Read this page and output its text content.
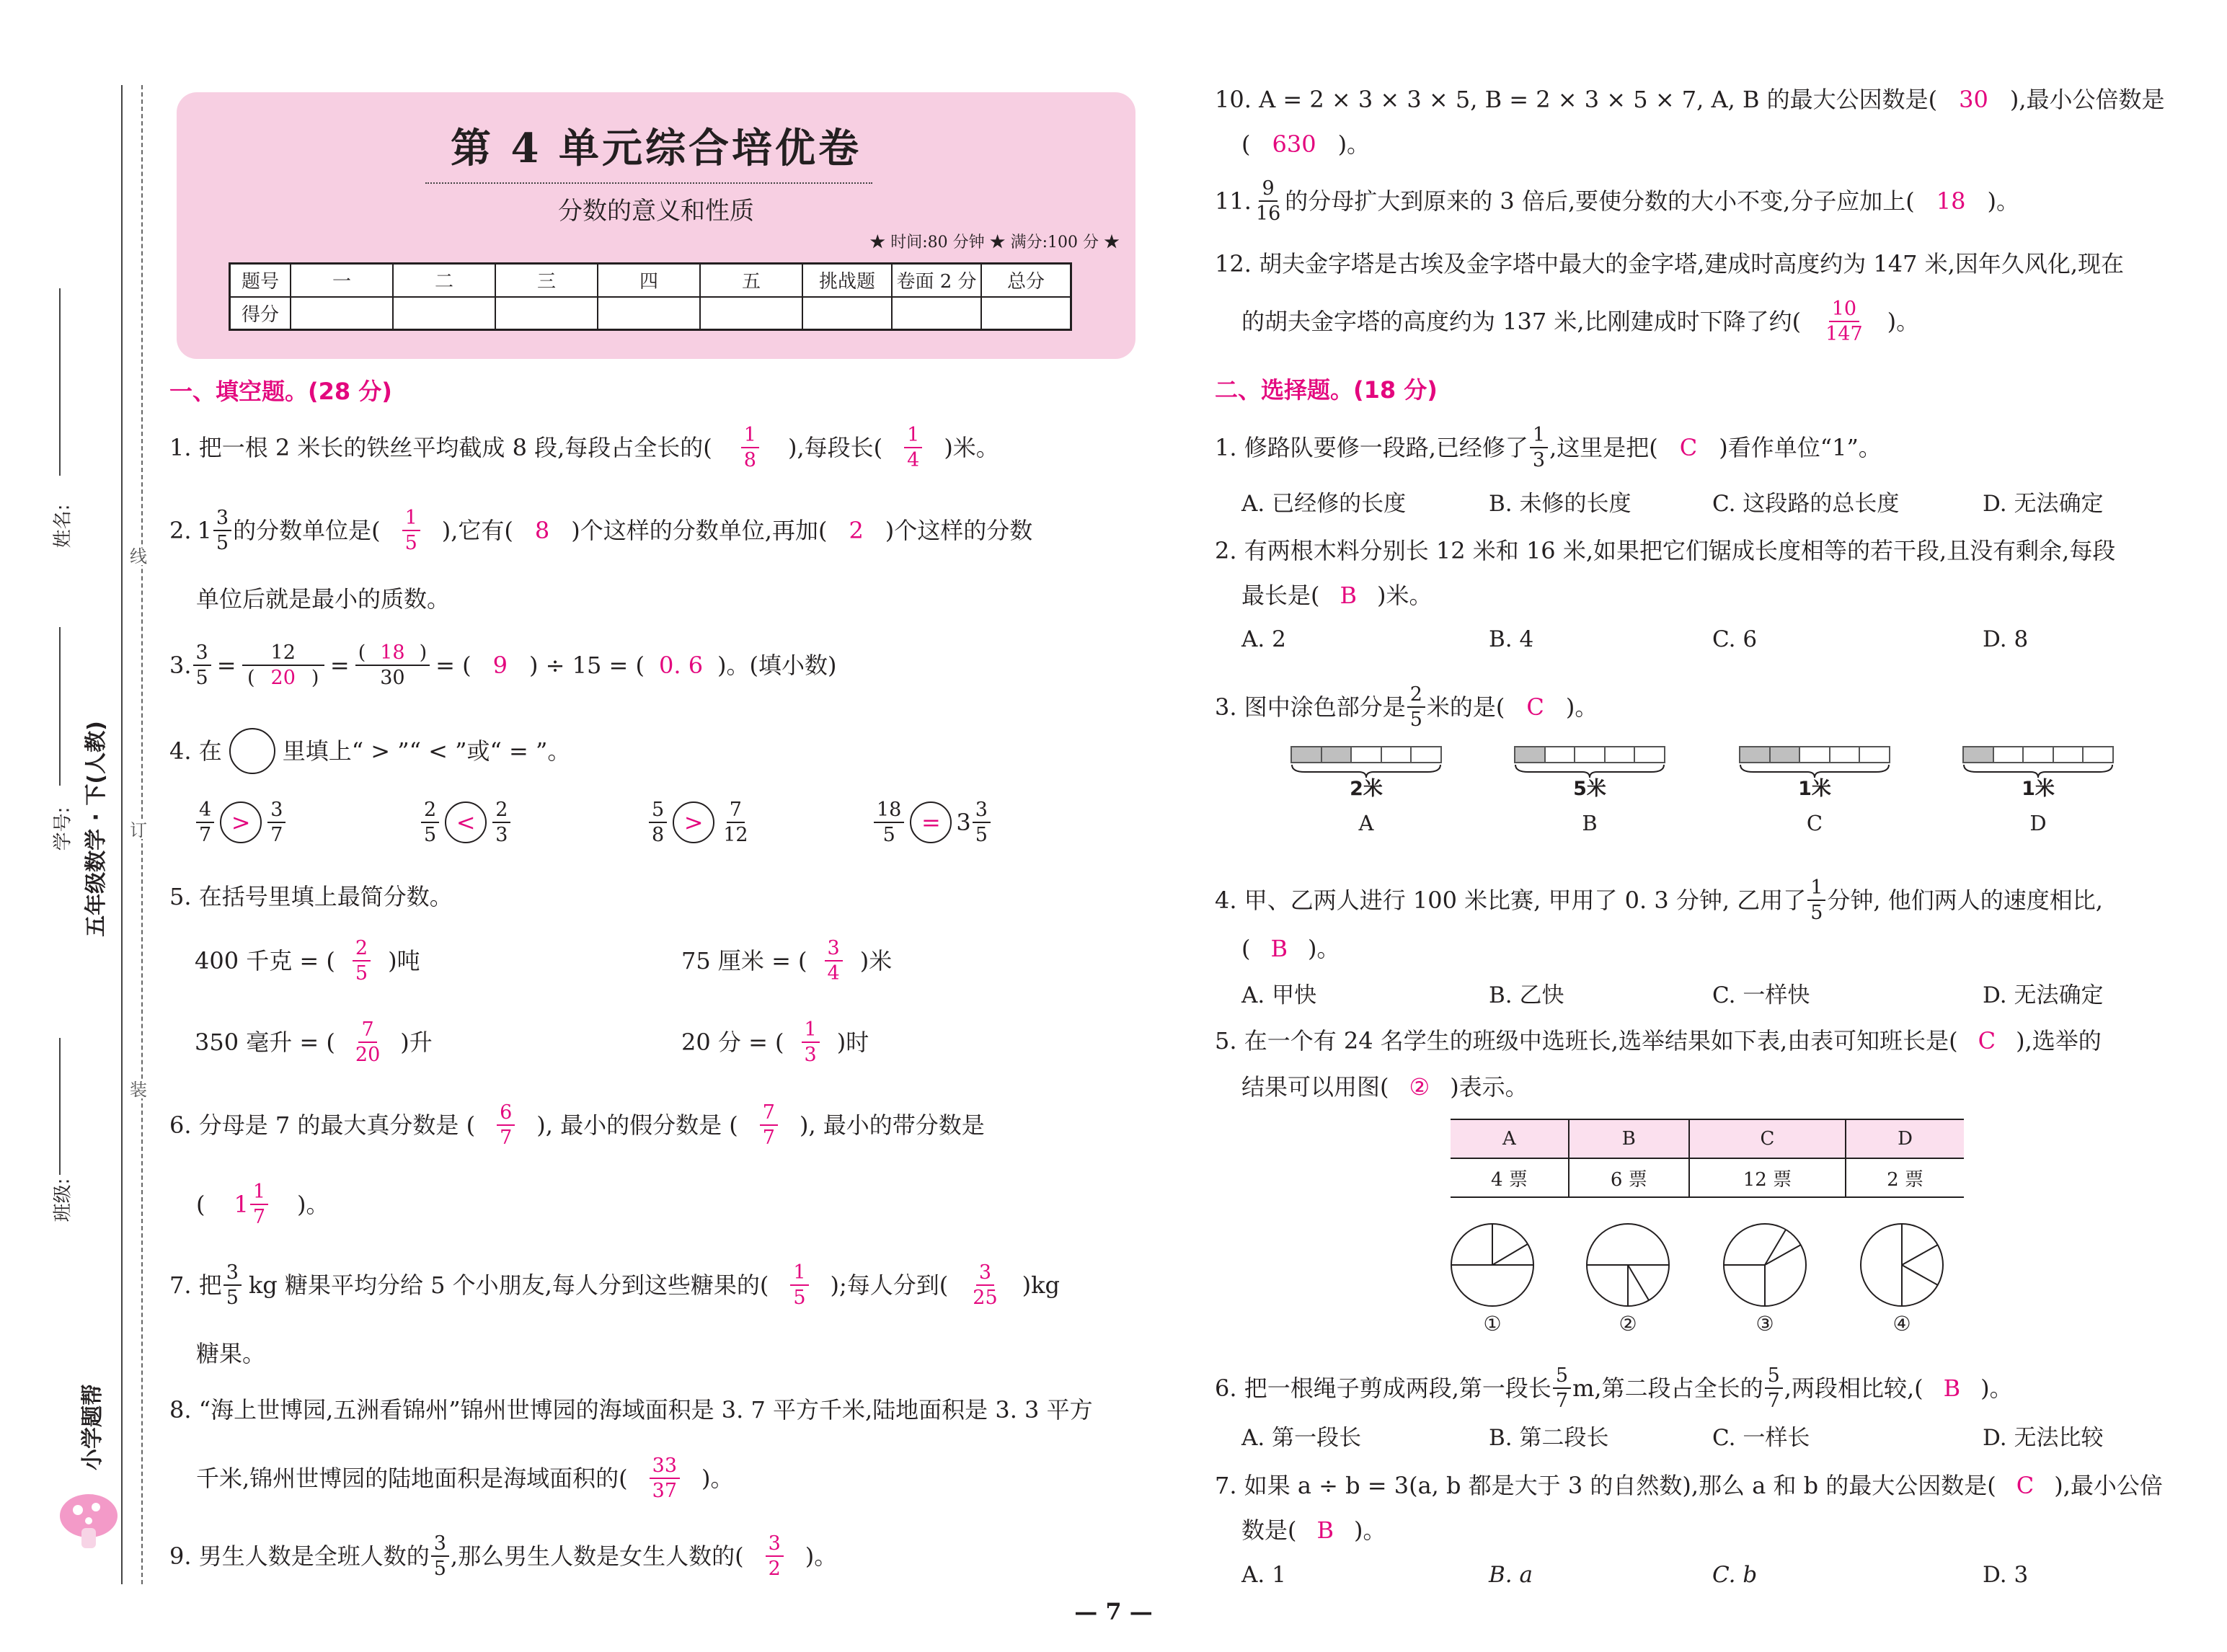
装
订
线
五年级数学 · 下(人教)
班级:
学号:
姓名:
小学题帮
第 4 单元综合培优卷
分数的意义和性质
★ 时间:80 分钟 ★ 满分:100 分 ★
题号	一	二	三	四	五	挑战题	卷面 2 分	总分
得分								
一、填空题。(28 分)
1. 把一根 2 米长的铁丝平均截成 8 段,每段占全长的( $\frac{1}{8}$ ),每段长( $\frac{1}{4}$ )米。
2. $1 \frac{3}{5}$ 的分数单位是( $\frac{1}{5}$ ),它有( 8 )个这样的分数单位,再加( 2 )个这样的分数
单位后就是最小的质数。
3. $\frac{3}{5} = \frac{12}{( 20 )} = \frac{( 18 )}{30}$ = ( 9 ) ÷ 15 = ( 0. 6 )。(填小数)
4. 在	里填上“ > ”“ < ”或“ = ”。
$\frac{4}{7} > \frac{3}{7}$	$\frac{2}{5} < \frac{2}{3}$	$\frac{5}{8} > \frac{7}{12}$	$\frac{18}{5} = 3 \frac{3}{5}$
5. 在括号里填上最简分数。
400 千克 = ( $\frac{2}{5}$ )吨	75 厘米 = ( $\frac{3}{4}$ )米
350 毫升 = ( $\frac{7}{20}$ )升	20 分 = ( $\frac{1}{3}$ )时
6. 分母是 7 的最大真分数是 ( $\frac{6}{7}$ ), 最小的假分数是 ( $\frac{7}{7}$ ), 最小的带分数是
( $1 \frac{1}{7}$ )。
7. 把 $\frac{3}{5}$ kg 糖果平均分给 5 个小朋友,每人分到这些糖果的( $\frac{1}{5}$ );每人分到( $\frac{3}{25} )kg$
糖果。
8. “海上世博园,五洲看锦州”锦州世博园的海域面积是 3. 7 平方千米,陆地面积是 3. 3 平方
千米,锦州世博园的陆地面积是海域面积的( $\frac{33}{37}$ )。
9. 男生人数是全班人数的 $\frac{3}{5}$ ,那么男生人数是女生人数的( $\frac{3}{2}$ )。
10. A = 2 × 3 × 3 × 5, B = 2 × 3 × 5 × 7, A, B 的最大公因数是( 30 ),最小公倍数是
( 630 )。
11. $\frac{9}{16}$ 的分母扩大到原来的 3 倍后,要使分数的大小不变,分子应加上( 18 )。
12. 胡夫金字塔是古埃及金字塔中最大的金字塔,建成时高度约为 147 米,因年久风化,现在
的胡夫金字塔的高度约为 137 米,比刚建成时下降了约( $\frac{10}{147}$ )。
二、选择题。(18 分)
1. 修路队要修一段路,已经修了 $\frac{1}{3}$ ,这里是把( C )看作单位“1”。
A. 已经修的长度	B. 未修的长度	C. 这段路的总长度	D. 无法确定
2. 有两根木料分别长 12 米和 16 米,如果把它们锯成长度相等的若干段,且没有剩余,每段
最长是( B )米。
A. 2	B. 4	C. 6	D. 8
3. 图中涂色部分是 $\frac{2}{5}$ 米的是( C )。
2米
A
5米
B
1米
C
1米
D
4. 甲、乙两人进行 100 米比赛, 甲用了 0. 3 分钟, 乙用了 $\frac{1}{5}$ 分钟, 他们两人的速度相比,
( B )。
A. 甲快	B. 乙快	C. 一样快	D. 无法确定
5. 在一个有 24 名学生的班级中选班长,选举结果如下表,由表可知班长是( C ),选举的
结果可以用图( ② )表示。
A	B	C	D
4 票	6 票	12 票	2 票
①	②	③	④
6. 把一根绳子剪成两段,第一段长 $\frac{5}{7} m$,第二段占全长的 $\frac{5}{7}$ ,两段相比较,( B )。
A. 第一段长	B. 第二段长	C. 一样长	D. 无法比较
7. 如果 a ÷ b = 3(a, b 都是大于 3 的自然数),那么 a 和 b 的最大公因数是( C ),最小公倍
数是( B )。
A. 1	B. a	C. b	D. 3
— 7 —
